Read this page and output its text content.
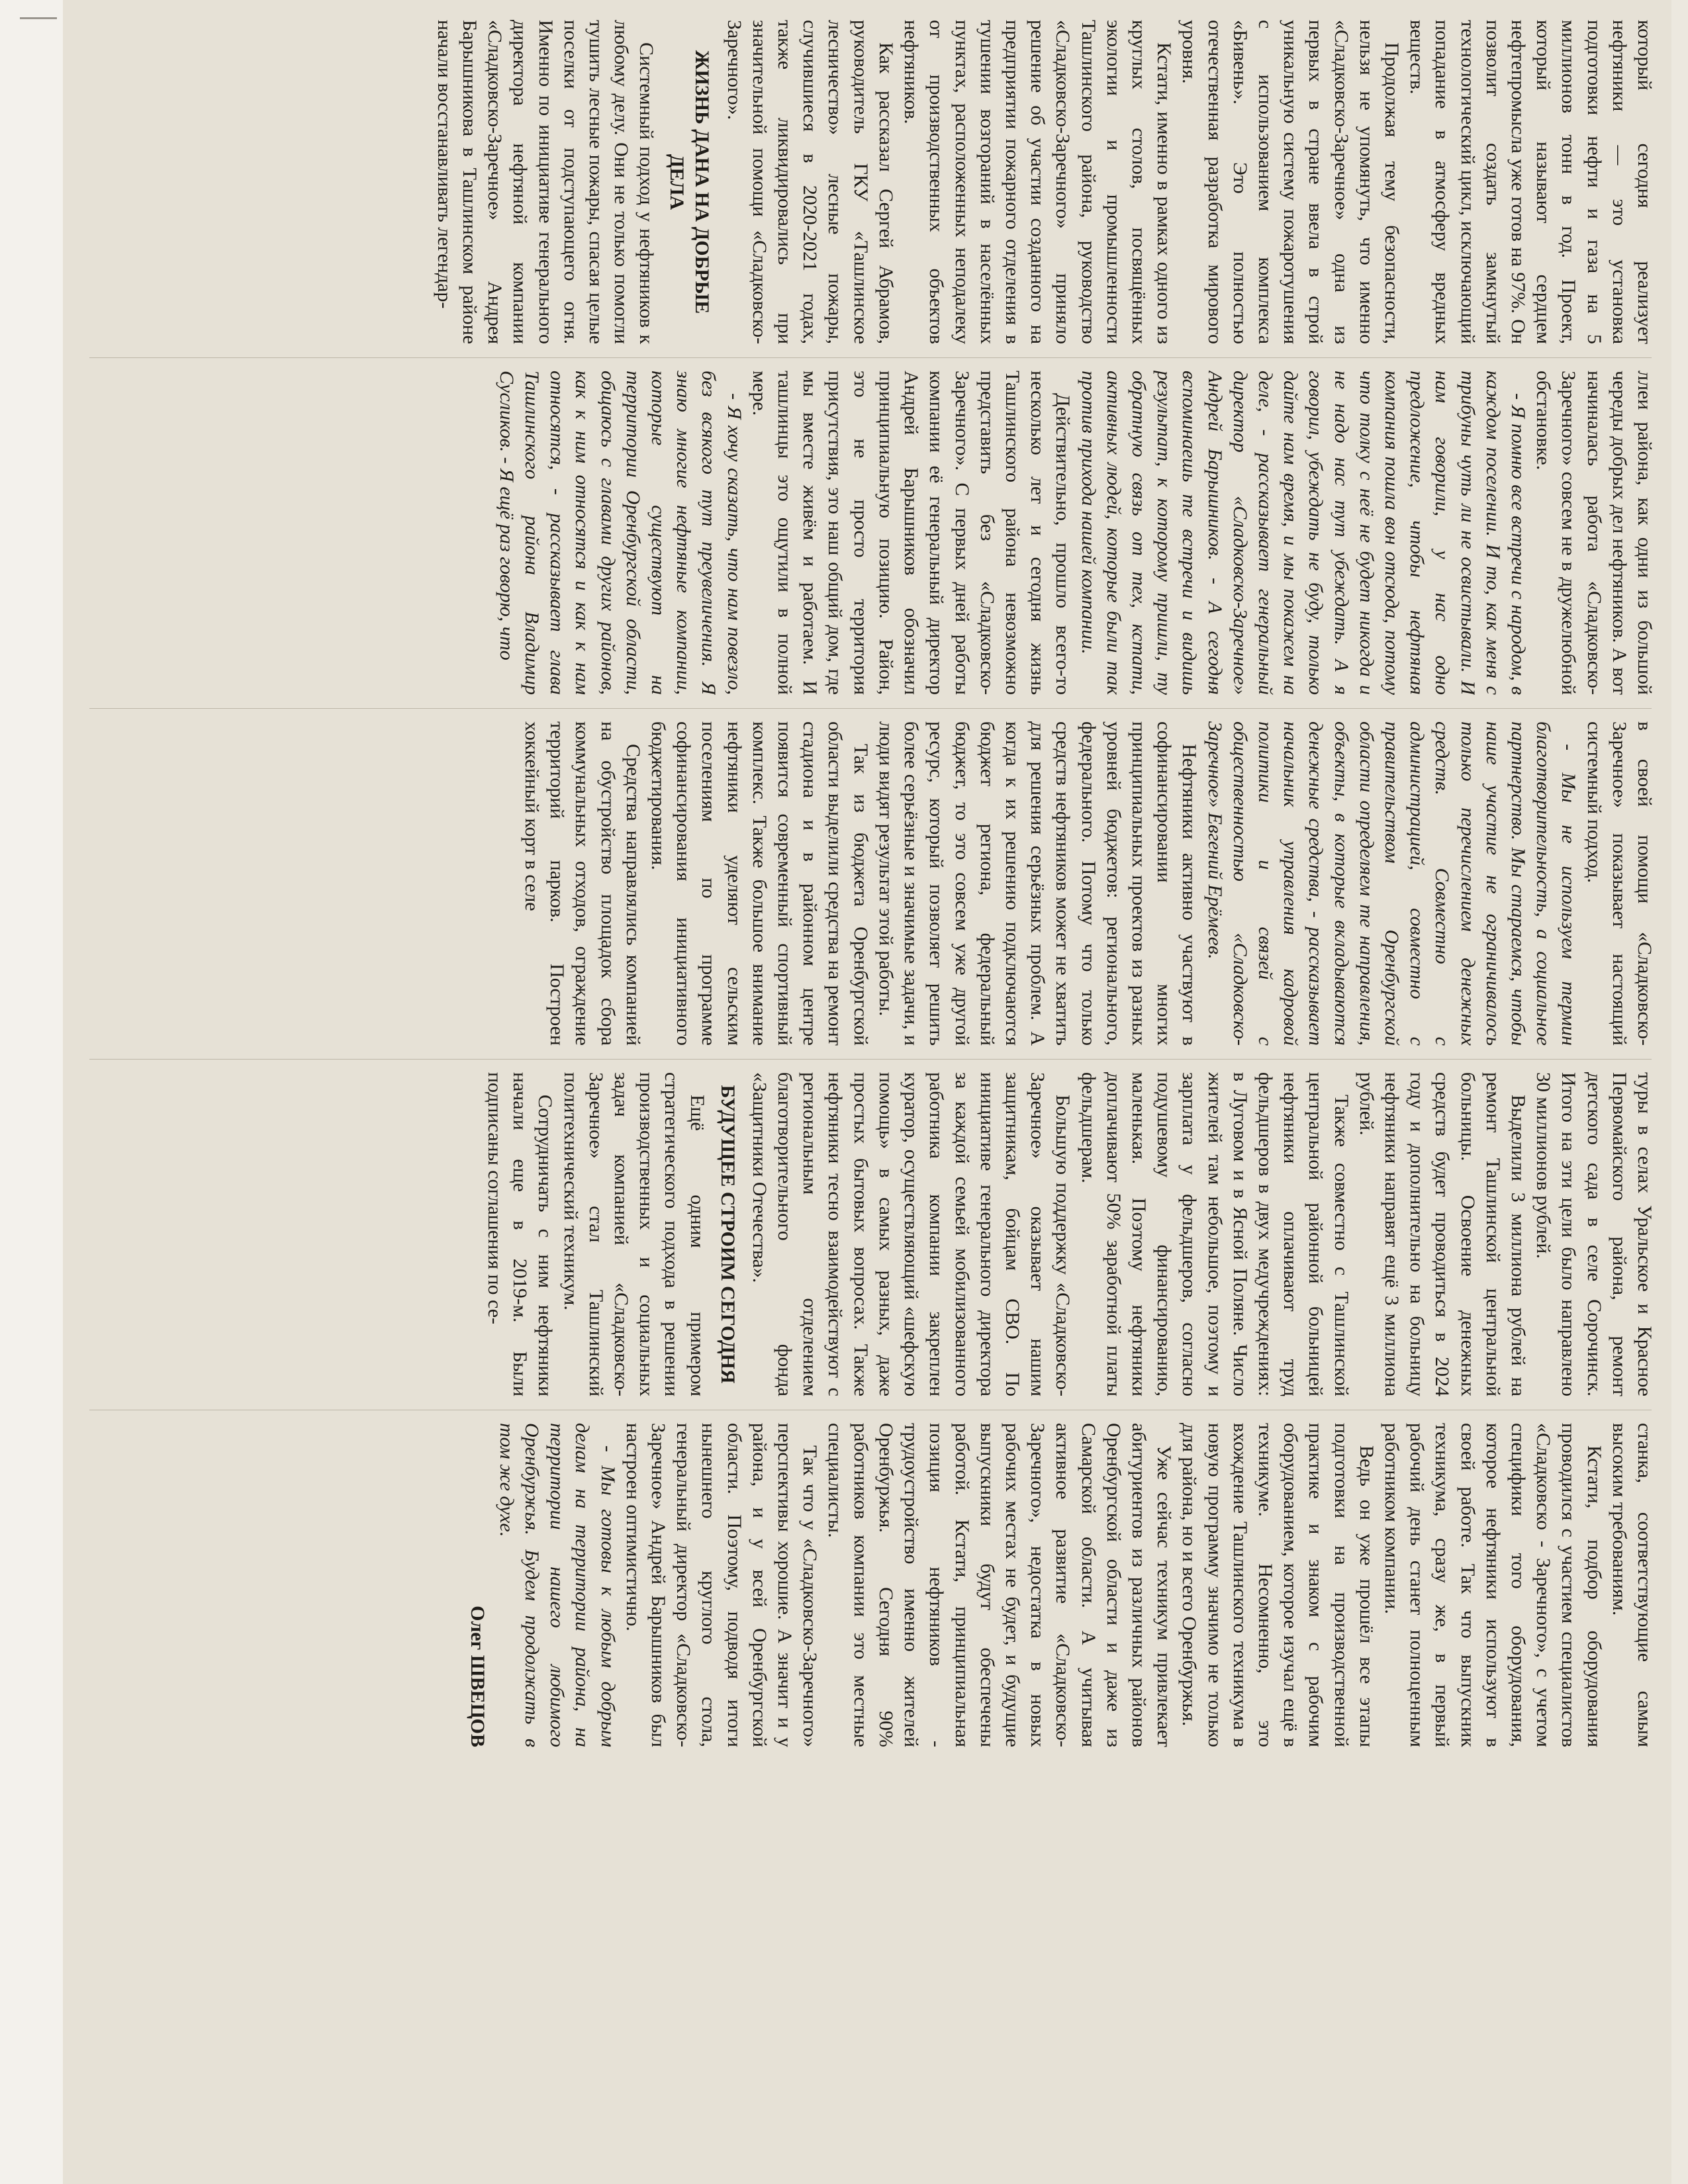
который сегодня реализует нефтяники — это установка подготовки нефти и газа на 5 миллионов тонн в год. Проект, который называют сердцем нефтепромысла уже готов на 97%. Он позволит создать замкнутый технологический цикл, исключающий попадание в атмосферу вредных веществ.

Продолжая тему безопасности, нельзя не упомянуть, что именно «Сладковско-Заречное» одна из первых в стране ввела в строй уникальную систему пожаротушения с использованием комплекса «Бивень». Это полностью отечественная разработка мирового уровня.

Кстати, именно в рамках одного из круглых столов, посвящённых экологии и промышленности Ташлинского района, руководство «Сладковско-Заречного» приняло решение об участии созданного на предприятии пожарного отделения в тушении возгораний в населённых пунктах, расположенных неподалеку от производственных объектов нефтяников.

Как рассказал Сергей Абрамов, руководитель ГКУ «Ташлинское лесничество» лесные пожары, случившиеся в 2020-2021 годах, также ликвидировались при значительной помощи «Сладковско-Заречного».

ЖИЗНЬ ДАНА НА ДОБРЫЕ ДЕЛА

Системный подход у нефтяников к любому делу. Они не только помогли тушить лесные пожары, спасая целые поселки от подступающего огня. Именно по инициативе генерального директора нефтяной компании «Сладковско-Заречное» Андрея Барышникова в Ташлинском районе начали восстанавливать легендар-

ллеи района, как одни из большой череды добрых дел нефтяников. А вот начиналась работа «Сладковско-Заречного» совсем не в дружелюбной обстановке.

- Я помню все встречи с народом, в каждом поселении. И то, как меня с трибуны чуть ли не освистывали. И нам говорили, у нас одно предложение, чтобы нефтяная компания пошла вон отсюда, потому что толку с неё не будет никогда и не надо нас тут убеждать. А я говорил, убеждать не буду, только дайте нам время, и мы покажем на деле, - рассказывает генеральный директор «Сладковско-Заречное» Андрей Барышников. - А сегодня вспоминаешь те встречи и видишь результат, к которому пришли, ту обратную связь от тех, кстати, активных людей, которые были так против прихода нашей компании.

Действительно, прошло всего-то несколько лет и сегодня жизнь Ташлинского района невозможно представить без «Сладковско-Заречного». С первых дней работы компании её генеральный директор Андрей Барышников обозначил принципиальную позицию. Район, это не просто территория присутствия, это наш общий дом, где мы вместе живём и работаем. И ташлинцы это ощутили в полной мере.

- Я хочу сказать, что нам повезло, без всякого тут преувеличения. Я знаю многие нефтяные компании, которые существуют на территории Оренбургской области, общаюсь с главами других районов, как к ним относятся и как к нам относятся, - рассказывает глава Ташлинского района Владимир Сусликов. - Я ещё раз говорю, что

в своей помощи «Сладковско-Заречное» показывает настоящий системный подход.

- Мы не используем термин благотворительность, а социальное партнерство. Мы стараемся, чтобы наше участие не ограничивалось только перечислением денежных средств. Совместно с администрацией, совместно с правительством Оренбургской области определяем те направления, объекты, в которые вкладываются денежные средства, - рассказывает начальник управления кадровой политики и связей с общественностью «Сладковско-Заречное» Евгений Ерёмеев.

Нефтяники активно участвуют в софинансировании многих принципиальных проектов из разных уровней бюджетов: регионального, федерального. Потому что только средств нефтяников может не хватить для решения серьёзных проблем. А когда к их решению подключаются бюджет региона, федеральный бюджет, то это совсем уже другой ресурс, который позволяет решить более серьёзные и значимые задачи, и люди видят результат этой работы.

Так из бюджета Оренбургской области выделили средства на ремонт стадиона и в районном центре появится современный спортивный комплекс. Также большое внимание нефтяники уделяют сельским поселениям по программе софинансирования инициативного бюджетирования.

Средства направлялись компанией на обустройство площадок сбора коммунальных отходов, ограждение территорий парков. Построен хоккейный корт в селе

туры в селах Уральское и Красное Первомайского района, ремонт детского сада в селе Сорочинск. Итого на эти цели было направлено 30 миллионов рублей.

Выделили 3 миллиона рублей на ремонт Ташлинской центральной больницы. Освоение денежных средств будет проводиться в 2024 году и дополнительно на больницу нефтяники направят ещё 3 миллиона рублей.

Также совместно с Ташлинской центральной районной больницей нефтяники оплачивают труд фельдшеров в двух медучреждениях: в Луговом и в Ясной Поляне. Число жителей там небольшое, поэтому и зарплата у фельдшеров, согласно подушевому финансированию, маленькая. Поэтому нефтяники доплачивают 50% заработной платы фельдшерам.

Большую поддержку «Сладковско-Заречное» оказывает нашим защитникам, бойцам СВО. По инициативе генерального директора за каждой семьей мобилизованного работника компании закреплен куратор, осуществляющий «шефскую помощь» в самых разных, даже простых бытовых вопросах. Также нефтяники тесно взаимодействуют с региональным отделением благотворительного фонда «Защитники Отечества».

БУДУЩЕЕ СТРОИМ СЕГОДНЯ

Ещё одним примером стратегического подхода в решении производственных и социальных задач компанией «Сладковско-Заречное» стал Ташлинский политехнический техникум.

Сотрудничать с ним нефтяники начали еще в 2019-м. Были подписаны соглашения по се-

станка, соответствующие самым высоким требованиям.

Кстати, подбор оборудования проводился с участием специалистов «Сладковско - Заречного», с учетом специфики того оборудования, которое нефтяники используют в своей работе. Так что выпускник техникума, сразу же, в первый рабочий день станет полноценным работником компании.

Ведь он уже прошёл все этапы подготовки на производственной практике и знаком с рабочим оборудованием, которое изучал ещё в техникуме. Несомненно, это вхождение Ташлинского техникума в новую программу значимо не только для района, но и всего Оренбуржья.

Уже сейчас техникум привлекает абитуриентов из различных районов Оренбургской области и даже из Самарской области. А учитывая активное развитие «Сладковско-Заречного», недостатка в новых рабочих местах не будет, и будущие выпускники будут обеспечены работой. Кстати, принципиальная позиция нефтяников - трудоустройство именно жителей Оренбуржья. Сегодня 90% работников компании это местные специалисты.

Так что у «Сладковско-Заречного» перспективы хорошие. А значит и у района, и у всей Оренбургской области. Поэтому, подводя итоги нынешнего круглого стола, генеральный директор «Сладковско-Заречное» Андрей Барышников был настроен оптимистично.

- Мы готовы к любым добрым делам на территории района, на территории нашего любимого Оренбуржья. Будем продолжать в том же духе.

Олег ШВЕЦОВ
